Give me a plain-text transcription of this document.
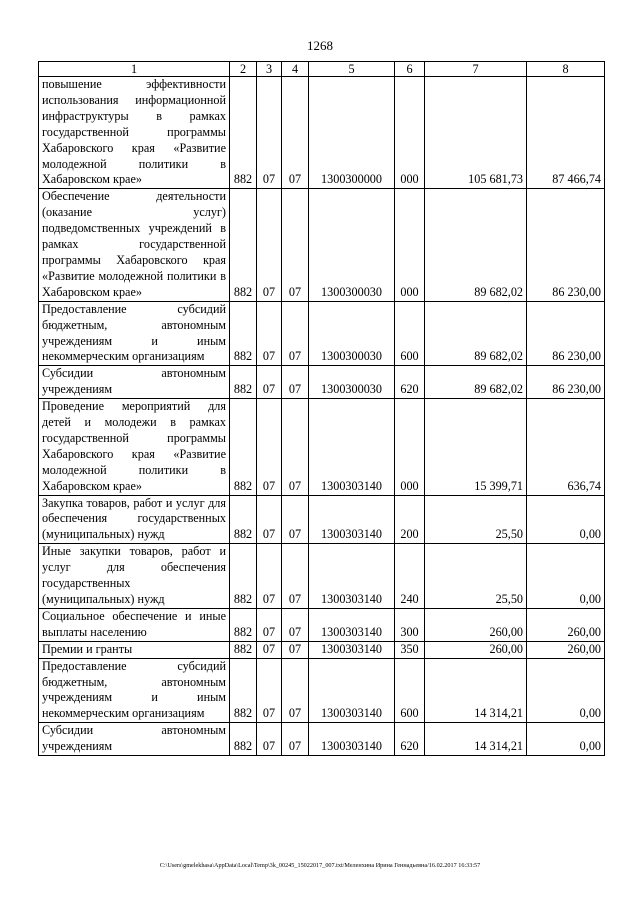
1268
1	2	3	4	5	6	7	8
повышение эффективности использования информационной инфраструктуры в рамках государственной программы Хабаровского края «Развитие молодежной политики в Хабаровском крае»	882	07	07	1300300000	000	105 681,73	87 466,74
Обеспечение деятельности (оказание услуг) подведомственных учреждений в рамках государственной программы Хабаровского края «Развитие молодежной политики в Хабаровском крае»	882	07	07	1300300030	000	89 682,02	86 230,00
Предоставление субсидий бюджетным, автономным учреждениям и иным некоммерческим организациям	882	07	07	1300300030	600	89 682,02	86 230,00
Субсидии автономным учреждениям	882	07	07	1300300030	620	89 682,02	86 230,00
Проведение мероприятий для детей и молодежи в рамках государственной программы Хабаровского края «Развитие молодежной политики в Хабаровском крае»	882	07	07	1300303140	000	15 399,71	636,74
Закупка товаров, работ и услуг для обеспечения государственных (муниципальных) нужд	882	07	07	1300303140	200	25,50	0,00
Иные закупки товаров, работ и услуг для обеспечения государственных (муниципальных) нужд	882	07	07	1300303140	240	25,50	0,00
Социальное обеспечение и иные выплаты населению	882	07	07	1300303140	300	260,00	260,00
Премии и гранты	882	07	07	1300303140	350	260,00	260,00
Предоставление субсидий бюджетным, автономным учреждениям и иным некоммерческим организациям	882	07	07	1300303140	600	14 314,21	0,00
Субсидии автономным учреждениям	882	07	07	1300303140	620	14 314,21	0,00
C:\Users\gmelekhasa\AppData\Local\Temp\3k_00245_15022017_007.txt/Меленхина Ирина Геннадьевна/16.02.2017 16:33:57
